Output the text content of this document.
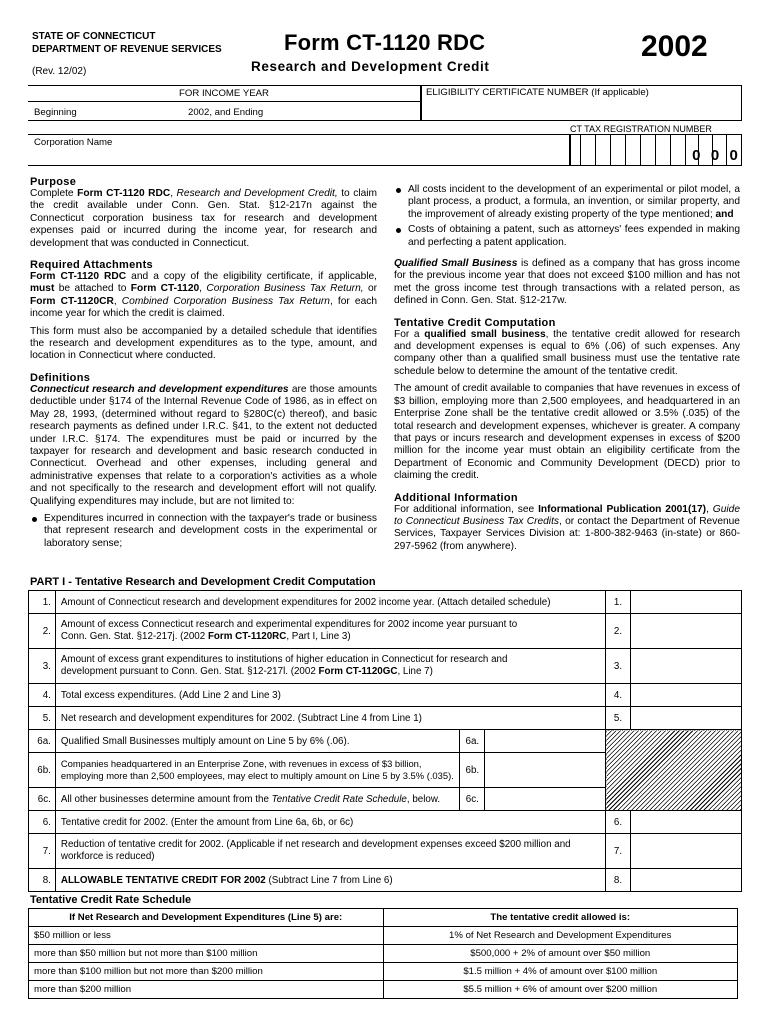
STATE OF CONNECTICUT
DEPARTMENT OF REVENUE SERVICES
(Rev. 12/02)
Form CT-1120 RDC
Research and Development Credit
2002
FOR INCOME YEAR
Beginning	2002, and Ending
ELIGIBILITY CERTIFICATE NUMBER (If applicable)
CT TAX REGISTRATION NUMBER
Corporation Name
0 0 0
Purpose
Complete Form CT-1120 RDC, Research and Development Credit, to claim the credit available under Conn. Gen. Stat. §12-217n against the Connecticut corporation business tax for research and development expenses paid or incurred during the income year, for research and development that was conducted in Connecticut.
Required Attachments
Form CT-1120 RDC and a copy of the eligibility certificate, if applicable, must be attached to Form CT-1120, Corporation Business Tax Return, or Form CT-1120CR, Combined Corporation Business Tax Return, for each income year for which the credit is claimed.
This form must also be accompanied by a detailed schedule that identifies the research and development expenditures as to the type, amount, and location in Connecticut where conducted.
Definitions
Connecticut research and development expenditures are those amounts deductible under §174 of the Internal Revenue Code of 1986, as in effect on May 28, 1993, (determined without regard to §280C(c) thereof), and basic research payments as defined under I.R.C. §41, to the extent not deducted under I.R.C. §174. The expenditures must be paid or incurred by the taxpayer for research and development and basic research conducted in Connecticut. Overhead and other expenses, including general and administrative expenses that relate to a corporation's activities as a whole and not specifically to the research and development effort will not qualify. Qualifying expenditures may include, but are not limited to:
Expenditures incurred in connection with the taxpayer's trade or business that represent research and development costs in the experimental or laboratory sense;
All costs incident to the development of an experimental or pilot model, a plant process, a product, a formula, an invention, or similar property, and the improvement of already existing property of the type mentioned; and
Costs of obtaining a patent, such as attorneys' fees expended in making and perfecting a patent application.
Qualified Small Business is defined as a company that has gross income for the previous income year that does not exceed $100 million and has not met the gross income test through transactions with a related person, as defined in Conn. Gen. Stat. §12-217w.
Tentative Credit Computation
For a qualified small business, the tentative credit allowed for research and development expenses is equal to 6% (.06) of such expenses. Any company other than a qualified small business must use the tentative rate schedule below to determine the amount of the tentative credit.
The amount of credit available to companies that have revenues in excess of $3 billion, employing more than 2,500 employees, and headquartered in an Enterprise Zone shall be the tentative credit allowed or 3.5% (.035) of the total research and development expenses, whichever is greater. A company that pays or incurs research and development expenses in excess of $200 million for the income year must obtain an eligibility certificate from the Department of Economic and Community Development (DECD) prior to claiming the credit.
Additional Information
For additional information, see Informational Publication 2001(17), Guide to Connecticut Business Tax Credits, or contact the Department of Revenue Services, Taxpayer Services Division at: 1-800-382-9463 (in-state) or 860-297-5962 (from anywhere).
PART I - Tentative Research and Development Credit Computation
1.	Amount of Connecticut research and development expenditures for 2002 income year. (Attach detailed schedule)			1.	
2.	Amount of excess Connecticut research and experimental expenditures for 2002 income year pursuant to
Conn. Gen. Stat. §12-217j. (2002 Form CT-1120RC, Part I, Line 3)			2.	
3.	Amount of excess grant expenditures to institutions of higher education in Connecticut for research and
development pursuant to Conn. Gen. Stat. §12-217l. (2002 Form CT-1120GC, Line 7)			3.	
4.	Total excess expenditures. (Add Line 2 and Line 3)			4.	
5.	Net research and development expenditures for 2002. (Subtract Line 4 from Line 1)			5.	
6a.	Qualified Small Businesses multiply amount on Line 5 by 6% (.06).	6a.			
6b.	Companies headquartered in an Enterprise Zone, with revenues in excess of $3 billion,
employing more than 2,500 employees, may elect to multiply amount on Line 5 by 3.5% (.035).	6b.			
6c.	All other businesses determine amount from the Tentative Credit Rate Schedule, below.	6c.			
6.	Tentative credit for 2002. (Enter the amount from Line 6a, 6b, or 6c)			6.	
7.	Reduction of tentative credit for 2002. (Applicable if net research and development expenses exceed $200 million and
workforce is reduced)			7.	
8.	ALLOWABLE TENTATIVE CREDIT FOR 2002 (Subtract Line 7 from Line 6)			8.	
Tentative Credit Rate Schedule
If Net Research and Development Expenditures (Line 5) are:	The tentative credit allowed is:
$50 million or less	1% of Net Research and Development Expenditures
more than $50 million but not more than $100 million	$500,000 + 2% of amount over $50 million
more than $100 million but not more than $200 million	$1.5 million + 4% of amount over $100 million
more than $200 million	$5.5 million + 6% of amount over $200 million
